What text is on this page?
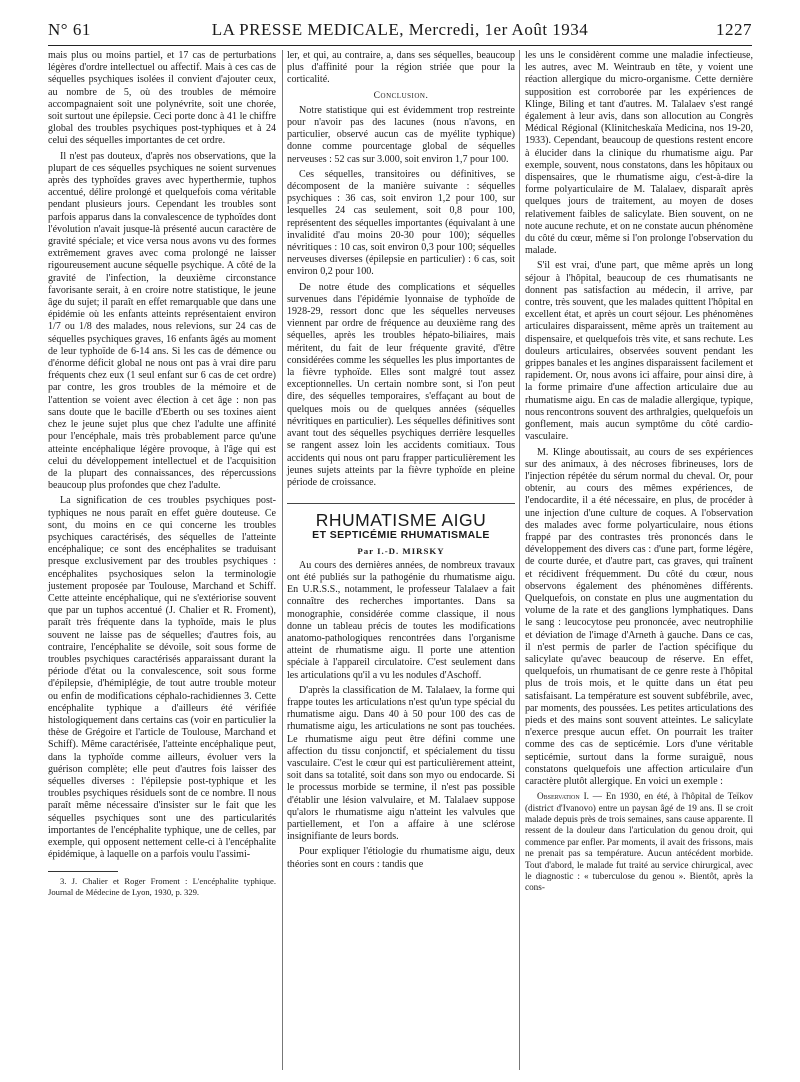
N° 61	LA PRESSE MEDICALE, Mercredi, 1er Août 1934	1227

mais plus ou moins partiel, et 17 cas de perturbations légères d'ordre intellectuel ou affectif. Mais à ces cas de séquelles psychiques isolées il convient d'ajouter ceux, au nombre de 5, où des troubles de mémoire accompagnaient soit une polynévrite, soit une chorée, soit surtout une épilepsie. Ceci porte donc à 41 le chiffre global des troubles psychiques post-typhiques et à 24 celui des séquelles importantes de cet ordre.

Il n'est pas douteux, d'après nos observations, que la plupart de ces séquelles psychiques ne soient survenues après des typhoïdes graves avec hyperthermie, tuphos accentué, délire prolongé et quelquefois coma véritable pendant plusieurs jours. Cependant les troubles sont parfois apparus dans la convalescence de typhoïdes dont l'évolution n'avait jusque-là présenté aucun caractère de gravité spéciale; et vice versa nous avons vu des formes extrêmement graves avec coma prolongé ne laisser rigoureusement aucune séquelle psychique. A côté de la gravité de l'infection, la deuxième circonstance favorisante serait, à en croire notre statistique, le jeune âge du sujet; il paraît en effet remarquable que dans une épidémie où les enfants atteints représentaient environ 1/7 ou 1/8 des malades, nous relevions, sur 24 cas de séquelles psychiques graves, 16 enfants âgés au moment de leur typhoïde de 6-14 ans. Si les cas de démence ou d'énorme déficit global ne nous ont pas à vrai dire paru fréquents chez eux (1 seul enfant sur 6 cas de cet ordre) par contre, les gros troubles de la mémoire et de l'attention se voient avec élection à cet âge : non pas sans doute que le bacille d'Eberth ou ses toxines aient chez le jeune sujet plus que chez l'adulte une affinité pour l'encéphale, mais très probablement parce qu'une atteinte encéphalique légère provoque, à l'âge qui est celui du développement intellectuel et de l'acquisition de la plupart des connaissances, des répercussions beaucoup plus profondes que chez l'adulte.

La signification de ces troubles psychiques post-typhiques ne nous paraît en effet guère douteuse. Ce sont, du moins en ce qui concerne les troubles psychiques caractérisés, des séquelles de l'atteinte encéphalique; ce sont des encéphalites se traduisant presque exclusivement par des troubles psychiques : encéphalites psychosiques selon la terminologie justement proposée par Toulouse, Marchand et Schiff. Cette atteinte encéphalique, qui ne s'extériorise souvent que par un tuphos accentué (J. Chalier et R. Froment), paraît très fréquente dans la typhoïde, mais le plus souvent ne laisse pas de séquelles; d'autres fois, au contraire, l'encéphalite se dévoile, soit sous forme de troubles psychiques caractérisés apparaissant durant la période d'état ou la convalescence, soit sous forme d'épilepsie, d'hémiplégie, de tout autre trouble moteur ou enfin de modifications céphalo-rachidiennes 3. Cette encéphalite typhique a d'ailleurs été vérifiée histologiquement dans certains cas (voir en particulier la thèse de Grégoire et l'article de Toulouse, Marchand et Schiff). Même caractérisée, l'atteinte encéphalique peut, dans la typhoïde comme ailleurs, évoluer vers la guérison complète; elle peut d'autres fois laisser des séquelles diverses : l'épilepsie post-typhique et les troubles psychiques résiduels sont de ce nombre. Il nous paraît même nécessaire d'insister sur le fait que les séquelles psychiques sont une des particularités importantes de l'encéphalite typhique, une de celles, par exemple, qui opposent nettement celle-ci à l'encéphalite épidémique, à laquelle on a parfois voulu l'assimi-

3. J. Chalier et Roger Froment : L'encéphalite typhique. Journal de Médecine de Lyon, 1930, p. 329.

ler, et qui, au contraire, a, dans ses séquelles, beaucoup plus d'affinité pour la région striée que pour la corticalité.

Conclusion.

Notre statistique qui est évidemment trop restreinte pour n'avoir pas des lacunes (nous n'avons, en particulier, observé aucun cas de myélite typhique) donne comme pourcentage global de séquelles nerveuses : 52 cas sur 3.000, soit environ 1,7 pour 100.

Ces séquelles, transitoires ou définitives, se décomposent de la manière suivante : séquelles psychiques : 36 cas, soit environ 1,2 pour 100, sur lesquelles 24 cas seulement, soit 0,8 pour 100, représentent des séquelles importantes (équivalant à une invalidité d'au moins 20-30 pour 100); séquelles névritiques : 10 cas, soit environ 0,3 pour 100; séquelles nerveuses diverses (épilepsie en particulier) : 6 cas, soit environ 0,2 pour 100.

De notre étude des complications et séquelles survenues dans l'épidémie lyonnaise de typhoïde de 1928-29, ressort donc que les séquelles nerveuses viennent par ordre de fréquence au deuxième rang des séquelles, après les troubles hépato-biliaires, mais méritent, du fait de leur fréquente gravité, d'être considérées comme les séquelles les plus importantes de la fièvre typhoïde. Elles sont malgré tout assez exceptionnelles. Un certain nombre sont, si l'on peut dire, des séquelles temporaires, s'effaçant au bout de quelques mois ou de quelques années (séquelles névritiques en particulier). Les séquelles définitives sont avant tout des séquelles psychiques derrière lesquelles se rangent assez loin les accidents comitiaux. Tous accidents qui nous ont paru frapper particulièrement les jeunes sujets atteints par la fièvre typhoïde en pleine période de croissance.

RHUMATISME AIGU

ET SEPTICÉMIE RHUMATISMALE

Par I.-D. MIRSKY

Au cours des dernières années, de nombreux travaux ont été publiés sur la pathogénie du rhumatisme aigu. En U.R.S.S., notamment, le professeur Talalaev a fait connaître des recherches importantes. Dans sa monographie, considérée comme classique, il nous donne un tableau précis de toutes les modifications anatomo-pathologiques rencontrées dans l'organisme atteint de rhumatisme aigu. Il porte une attention spéciale à l'appareil circulatoire. C'est seulement dans les articulations qu'il a vu les nodules d'Aschoff.

D'après la classification de M. Talalaev, la forme qui frappe toutes les articulations n'est qu'un type spécial du rhumatisme aigu. Dans 40 à 50 pour 100 des cas de rhumatisme aigu, les articulations ne sont pas touchées. Le rhumatisme aigu peut être défini comme une affection du tissu conjonctif, et spécialement du tissu vasculaire. C'est le cœur qui est particulièrement atteint, soit dans sa totalité, soit dans son myo ou endocarde. Si le processus morbide se termine, il n'est pas possible d'établir une lésion valvulaire, et M. Talalaev suppose qu'alors le rhumatisme aigu n'atteint les valvules que partiellement, et l'on a affaire à une sclérose insignifiante de leurs bords.

Pour expliquer l'étiologie du rhumatisme aigu, deux théories sont en cours : tandis que

les uns le considèrent comme une maladie infectieuse, les autres, avec M. Weintraub en tête, y voient une réaction allergique du micro-organisme. Cette dernière supposition est corroborée par les expériences de Klinge, Biling et tant d'autres. M. Talalaev s'est rangé également à leur avis, dans son allocution au Congrès Médical Régional (Klinitcheskaïa Medicina, nos 19-20, 1933). Cependant, beaucoup de questions restent encore à élucider dans la clinique du rhumatisme aigu. Par exemple, souvent, nous constatons, dans les hôpitaux ou dispensaires, que le rhumatisme aigu, c'est-à-dire la forme polyarticulaire de M. Talalaev, disparaît après quelques jours de traitement, au moyen de doses relativement faibles de salicylate. Bien souvent, on ne note aucune rechute, et on ne constate aucun phénomène du côté du cœur, même si l'on prolonge l'observation du malade.

S'il est vrai, d'une part, que même après un long séjour à l'hôpital, beaucoup de ces rhumatisants ne donnent pas satisfaction au médecin, il arrive, par contre, très souvent, que les malades quittent l'hôpital en excellent état, et après un court séjour. Les phénomènes articulaires disparaissent, même après un traitement au dispensaire, et quelquefois très vite, et sans rechute. Les douleurs articulaires, observées souvent pendant les grippes banales et les angines disparaissent facilement et rapidement. Or, nous avons ici affaire, pour ainsi dire, à la forme primaire d'une affection articulaire due au rhumatisme aigu. En cas de maladie allergique, typique, nous rencontrons souvent des arthralgies, quelquefois un gonflement, mais aucun symptôme du côté cardio-vasculaire.

M. Klinge aboutissait, au cours de ses expériences sur des animaux, à des nécroses fibrineuses, lors de l'injection répétée du sérum normal du cheval. Or, pour obtenir, au cours des mêmes expériences, de l'endocardite, il a été nécessaire, en plus, de procéder à une injection d'une culture de coques. A l'observation des malades avec forme polyarticulaire, nous étions frappé par des contrastes très prononcés dans le développement des divers cas : d'une part, forme légère, de courte durée, et d'autre part, cas graves, qui traînent et récidivent fréquemment. Du côté du cœur, nous observons également des phénomènes différents. Quelquefois, on constate en plus une augmentation du volume de la rate et des ganglions lymphatiques. Dans le sang : leucocytose peu prononcée, avec neutrophilie et déviation de l'image d'Arneth à gauche. Dans ce cas, il n'est permis de parler de l'action spécifique du salicylate qu'avec beaucoup de réserve. En effet, quelquefois, un rhumatisant de ce genre reste à l'hôpital plus de trois mois, et le quitte dans un état peu satisfaisant. La température est souvent subfébrile, avec, par moments, des poussées. Les petites articulations des pieds et des mains sont souvent atteintes. Le salicylate n'exerce presque aucun effet. On pourrait les traiter comme des cas de septicémie. Lors d'une véritable septicémie, surtout dans la forme suraiguë, nous constatons quelquefois une affection articulaire d'un caractère plutôt allergique. En voici un exemple :

Observation I. — En 1930, en été, à l'hôpital de Teïkov (district d'Ivanovo) entre un paysan âgé de 19 ans. Il se croit malade depuis près de trois semaines, sans cause apparente. Il ressent de la douleur dans l'articulation du genou droit, qui commence par enfler. Par moments, il avait des frissons, mais ne prenait pas sa température. Aucun antécédent morbide. Tout d'abord, le malade fut traité au service chirurgical, avec le diagnostic : « tuberculose du genou ». Bientôt, après la cons-
